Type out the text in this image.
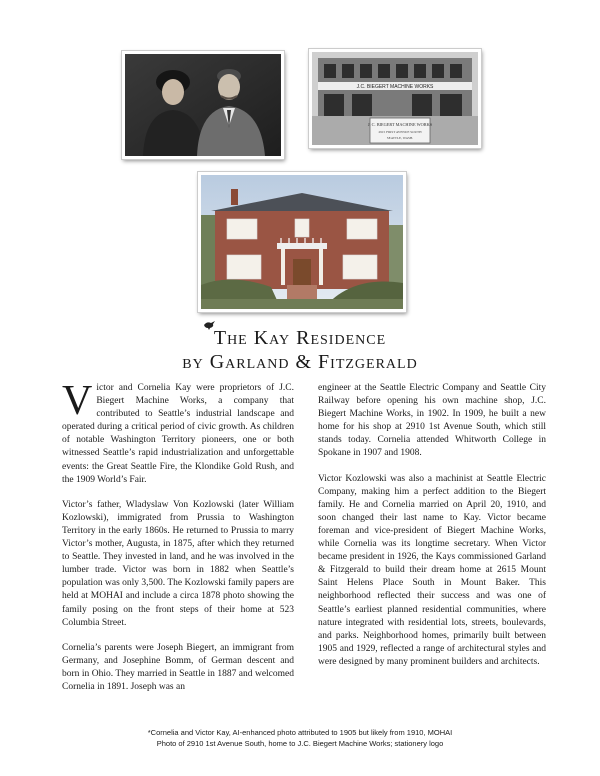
J.C. BIEGERT MACHINE WORKS
J. C. BIEGERT MACHINE WORKS
2915 FIRST AVENUE SOUTH
SEATTLE, WASH.
The Kay Residence
by Garland & Fitzgerald

Victor and Cornelia Kay were proprietors of J.C. Biegert Machine Works, a company that contributed to Seattle’s industrial landscape and operated during a critical period of civic growth. As children of notable Washington Territory pioneers, one or both witnessed Seattle’s rapid industrialization and unforgettable events: the Great Seattle Fire, the Klondike Gold Rush, and the 1909 World’s Fair.

Victor’s father, Wladyslaw Von Kozlowski (later William Kozlowski), immigrated from Prussia to Washington Territory in the early 1860s. He returned to Prussia to marry Victor’s mother, Augusta, in 1875, after which they returned to Seattle. They invested in land, and he was involved in the lumber trade. Victor was born in 1882 when Seattle’s population was only 3,500. The Kozlowski family papers are held at MOHAI and include a circa 1878 photo showing the family posing on the front steps of their home at 523 Columbia Street.

Cornelia’s parents were Joseph Biegert, an immigrant from Germany, and Josephine Bomm, of German descent and born in Ohio. They married in Seattle in 1887 and welcomed Cornelia in 1891. Joseph was an

engineer at the Seattle Electric Company and Seattle City Railway before opening his own machine shop, J.C. Biegert Machine Works, in 1902. In 1909, he built a new home for his shop at 2910 1st Avenue South, which still stands today. Cornelia attended Whitworth College in Spokane in 1907 and 1908.

Victor Kozlowski was also a machinist at Seattle Electric Company, making him a perfect addition to the Biegert family. He and Cornelia married on April 20, 1910, and soon changed their last name to Kay. Victor became foreman and vice-president of Biegert Machine Works, while Cornelia was its longtime secretary. When Victor became president in 1926, the Kays commissioned Garland & Fitzgerald to build their dream home at 2615 Mount Saint Helens Place South in Mount Baker. This neighborhood reflected their success and was one of Seattle’s earliest planned residential communities, where nature integrated with residential lots, streets, boulevards, and parks. Neighborhood homes, primarily built between 1905 and 1929, reflected a range of architectural styles and were designed by many prominent builders and architects.

*Cornelia and Victor Kay, AI-enhanced photo attributed to 1905 but likely from 1910, MOHAI
Photo of 2910 1st Avenue South, home to J.C. Biegert Machine Works; stationery logo
